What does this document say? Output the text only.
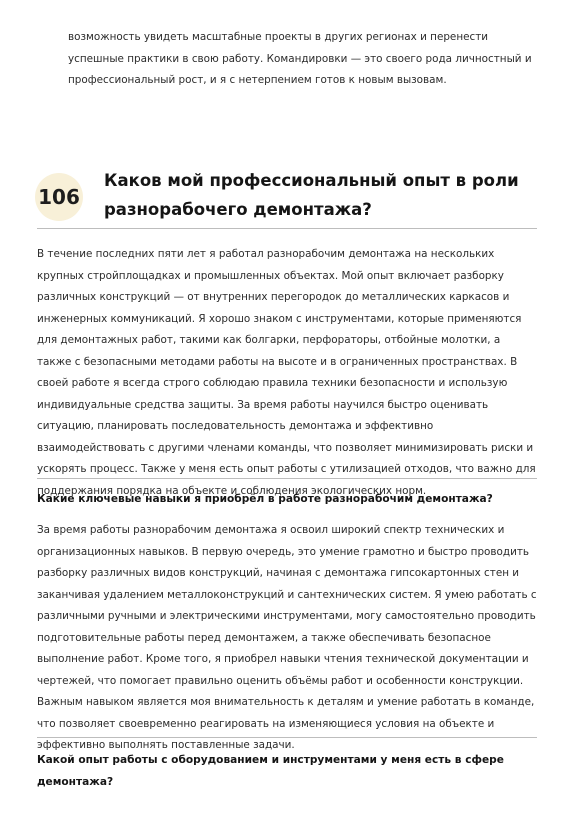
возможность увидеть масштабные проекты в других регионах и перенести успешные практики в свою работу. Командировки — это своего рода личностный и профессиональный рост, и я с нетерпением готов к новым вызовам.

106
Каков мой профессиональный опыт в роли разнорабочего демонтажа?

В течение последних пяти лет я работал разнорабочим демонтажа на нескольких крупных стройплощадках и промышленных объектах. Мой опыт включает разборку различных конструкций — от внутренних перегородок до металлических каркасов и инженерных коммуникаций. Я хорошо знаком с инструментами, которые применяются для демонтажных работ, такими как болгарки, перфораторы, отбойные молотки, а также с безопасными методами работы на высоте и в ограниченных пространствах. В своей работе я всегда строго соблюдаю правила техники безопасности и использую индивидуальные средства защиты. За время работы научился быстро оценивать ситуацию, планировать последовательность демонтажа и эффективно взаимодействовать с другими членами команды, что позволяет минимизировать риски и ускорять процесс. Также у меня есть опыт работы с утилизацией отходов, что важно для поддержания порядка на объекте и соблюдения экологических норм.

Какие ключевые навыки я приобрёл в работе разнорабочим демонтажа?

За время работы разнорабочим демонтажа я освоил широкий спектр технических и организационных навыков. В первую очередь, это умение грамотно и быстро проводить разборку различных видов конструкций, начиная с демонтажа гипсокартонных стен и заканчивая удалением металлоконструкций и сантехнических систем. Я умею работать с различными ручными и электрическими инструментами, могу самостоятельно проводить подготовительные работы перед демонтажем, а также обеспечивать безопасное выполнение работ. Кроме того, я приобрел навыки чтения технической документации и чертежей, что помогает правильно оценить объёмы работ и особенности конструкции. Важным навыком является моя внимательность к деталям и умение работать в команде, что позволяет своевременно реагировать на изменяющиеся условия на объекте и эффективно выполнять поставленные задачи.

Какой опыт работы с оборудованием и инструментами у меня есть в сфере демонтажа?
